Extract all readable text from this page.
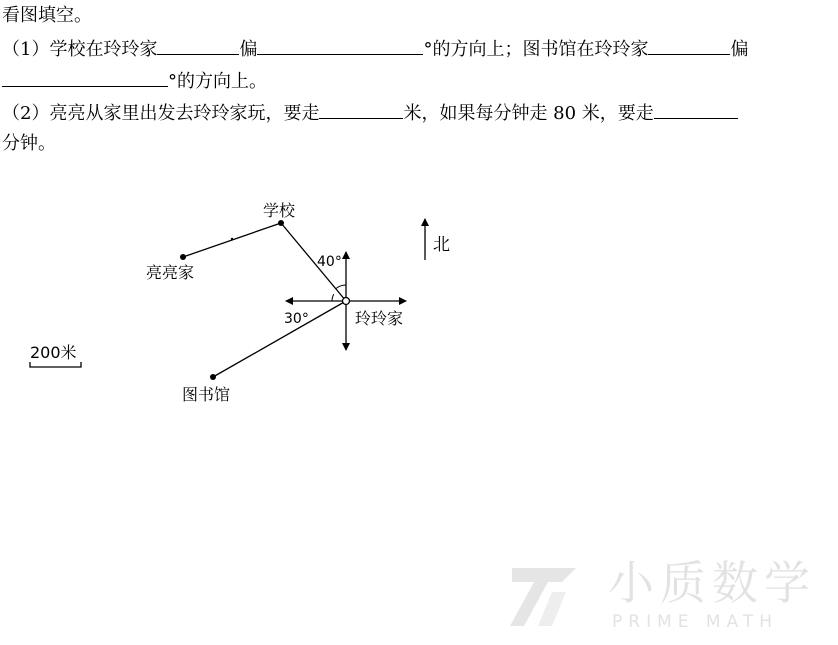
看图填空。
（1）学校在玲玲家	偏	°的方向上；图书馆在玲玲家	偏
°的方向上。
（2）亮亮从家里出发去玲玲家玩，要走	米，如果每分钟走 80 米，要走
分钟。
学校
亮亮家
图书馆
玲玲家
40°
30°
北
200米
小质数学
PRIME MATH
